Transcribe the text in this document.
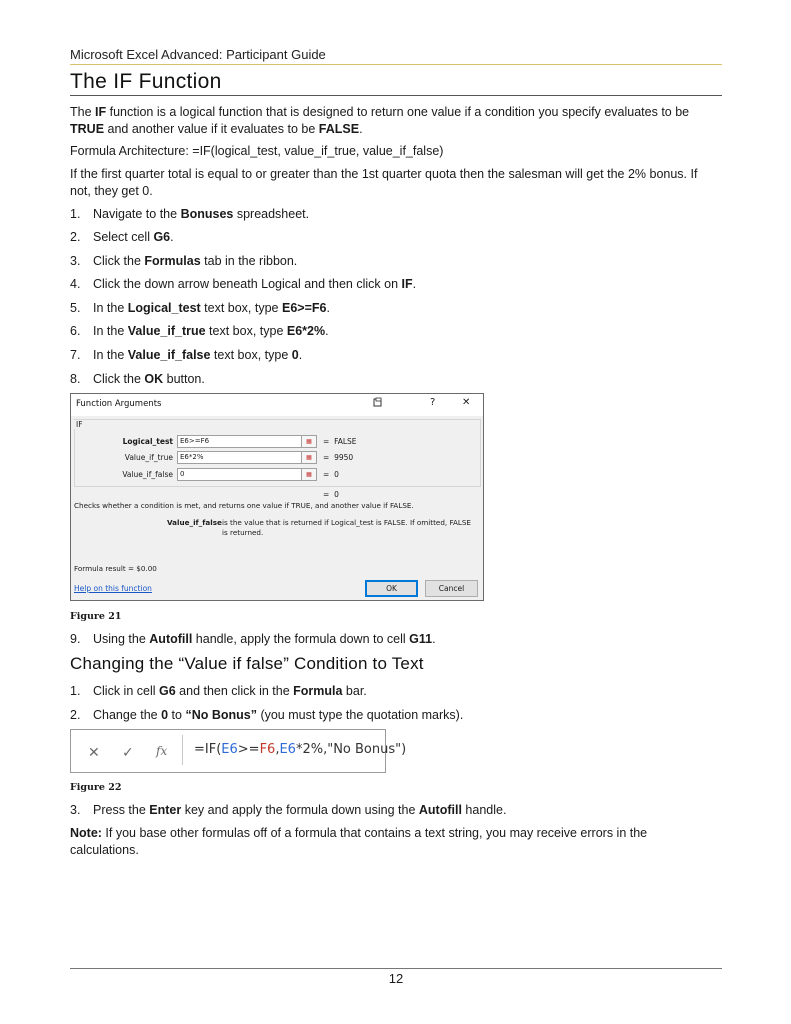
Microsoft Excel Advanced: Participant Guide
The IF Function
The IF function is a logical function that is designed to return one value if a condition you specify evaluates to be
TRUE and another value if it evaluates to be FALSE.
Formula Architecture: =IF(logical_test, value_if_true, value_if_false)
If the first quarter total is equal to or greater than the 1st quarter quota then the salesman will get the 2% bonus. If
not, they get 0.
1. Navigate to the Bonuses spreadsheet.
2. Select cell G6.
3. Click the Formulas tab in the ribbon.
4. Click the down arrow beneath Logical and then click on IF.
5. In the Logical_test text box, type E6>=F6.
6. In the Value_if_true text box, type E6*2%.
7. In the Value_if_false text box, type 0.
8. Click the OK button.
Function Arguments	?	✕
IF
Logical_test	E6>=F6	▦	=  FALSE
Value_if_true	E6*2%	▦	=  9950
Value_if_false	0	▦	=  0
=  0
Checks whether a condition is met, and returns one value if TRUE, and another value if FALSE.
Value_if_false is the value that is returned if Logical_test is FALSE. If omitted, FALSE
is returned.
Formula result = $0.00
Help on this function	OK	Cancel
Figure 21
9. Using the Autofill handle, apply the formula down to cell G11.
Changing the “Value if false” Condition to Text
1. Click in cell G6 and then click in the Formula bar.
2. Change the 0 to “No Bonus” (you must type the quotation marks).
✕ ✓ fx =IF(E6>=F6,E6*2%,"No Bonus")
Figure 22
3. Press the Enter key and apply the formula down using the Autofill handle.
Note: If you base other formulas off of a formula that contains a text string, you may receive errors in the
calculations.
12
